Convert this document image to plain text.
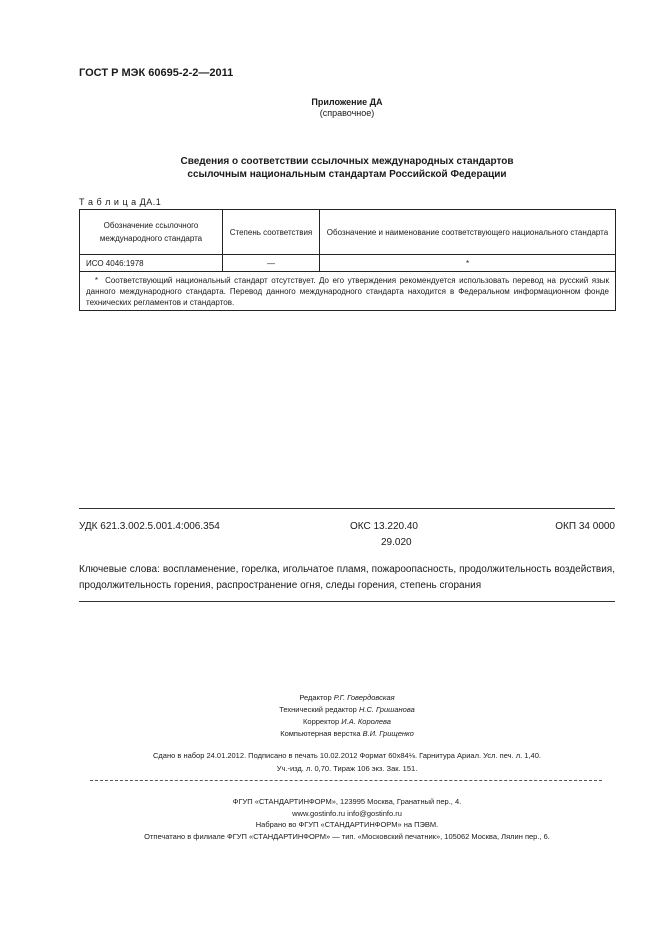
ГОСТ Р МЭК 60695-2-2—2011
Приложение ДА
(справочное)
Сведения о соответствии ссылочных международных стандартов
ссылочным национальным стандартам Российской Федерации
Т а б л и ц а ДА.1
Обозначение ссылочного международного стандарта	Степень соответствия	Обозначение и наименование соответствующего национального стандарта
ИСО 4046:1978	—	*
* Соответствующий национальный стандарт отсутствует. До его утверждения рекомендуется использовать перевод на русский язык данного международного стандарта. Перевод данного международного стандарта находится в Федеральном информационном фонде технических регламентов и стандартов.		
УДК 621.3.002.5.001.4:006.354	ОКС 13.220.40
29.020
ОКП 34 0000
Ключевые слова: воспламенение, горелка, игольчатое пламя, пожароопасность, продолжительность воздействия, продолжительность горения, распространение огня, следы горения, степень сгорания
Редактор Р.Г. Говердовская
Технический редактор Н.С. Гришанова
Корректор И.А. Королева
Компьютерная верстка В.И. Грищенко
Сдано в набор 24.01.2012. Подписано в печать 10.02.2012 Формат 60x84⅛. Гарнитура Ариал. Усл. печ. л. 1,40.
Уч.-изд. л. 0,70. Тираж 106 экз. Зак. 151.
ФГУП «СТАНДАРТИНФОРМ», 123995 Москва, Гранатный пер., 4.
www.gostinfo.ru info@gostinfo.ru
Набрано во ФГУП «СТАНДАРТИНФОРМ» на ПЭВМ.
Отпечатано в филиале ФГУП «СТАНДАРТИНФОРМ» — тип. «Московский печатник», 105062 Москва, Лялин пер., 6.
